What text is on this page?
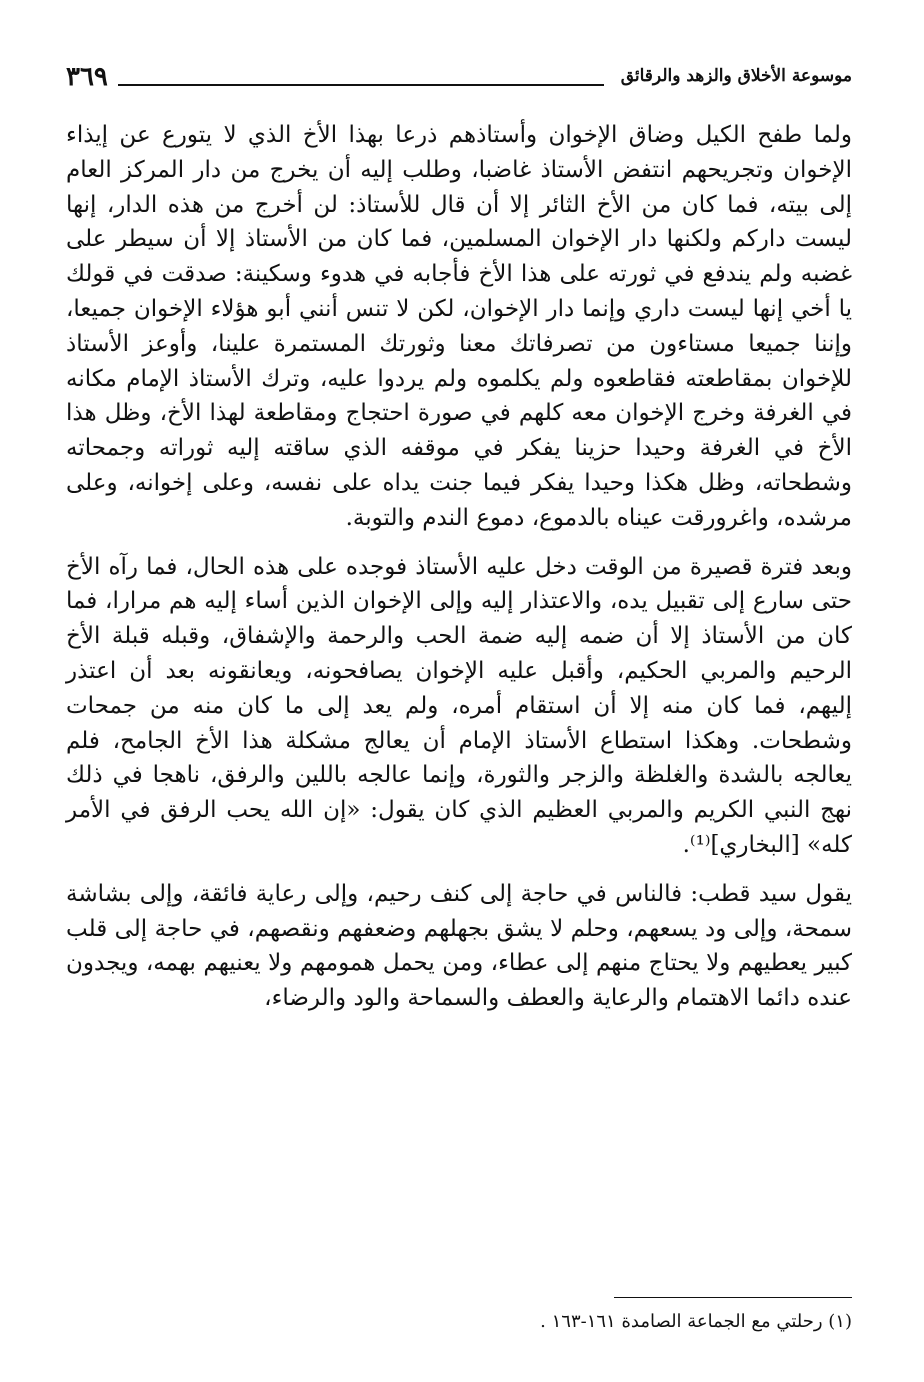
موسوعة الأخلاق والزهد والرقائق
٣٦٩

ولما طفح الكيل وضاق الإخوان وأستاذهم ذرعا بهذا الأخ الذي لا يتورع عن إيذاء الإخوان وتجريحهم انتفض الأستاذ غاضبا، وطلب إليه أن يخرج من دار المركز العام إلى بيته، فما كان من الأخ الثائر إلا أن قال للأستاذ: لن أخرج من هذه الدار، إنها ليست داركم ولكنها دار الإخوان المسلمين، فما كان من الأستاذ إلا أن سيطر على غضبه ولم يندفع في ثورته على هذا الأخ فأجابه في هدوء وسكينة: صدقت في قولك يا أخي إنها ليست داري وإنما دار الإخوان، لكن لا تنس أنني أبو هؤلاء الإخوان جميعا، وإننا جميعا مستاءون من تصرفاتك معنا وثورتك المستمرة علينا، وأوعز الأستاذ للإخوان بمقاطعته فقاطعوه ولم يكلموه ولم يردوا عليه، وترك الأستاذ الإمام مكانه في الغرفة وخرج الإخوان معه كلهم في صورة احتجاج ومقاطعة لهذا الأخ، وظل هذا الأخ في الغرفة وحيدا حزينا يفكر في موقفه الذي ساقته إليه ثوراته وجمحاته وشطحاته، وظل هكذا وحيدا يفكر فيما جنت يداه على نفسه، وعلى إخوانه، وعلى مرشده، واغرورقت عيناه بالدموع، دموع الندم والتوبة.

وبعد فترة قصيرة من الوقت دخل عليه الأستاذ فوجده على هذه الحال، فما رآه الأخ حتى سارع إلى تقبيل يده، والاعتذار إليه وإلى الإخوان الذين أساء إليه هم مرارا، فما كان من الأستاذ إلا أن ضمه إليه ضمة الحب والرحمة والإشفاق، وقبله قبلة الأخ الرحيم والمربي الحكيم، وأقبل عليه الإخوان يصافحونه، ويعانقونه بعد أن اعتذر إليهم، فما كان منه إلا أن استقام أمره، ولم يعد إلى ما كان منه من جمحات وشطحات. وهكذا استطاع الأستاذ الإمام أن يعالج مشكلة هذا الأخ الجامح، فلم يعالجه بالشدة والغلظة والزجر والثورة، وإنما عالجه باللين والرفق، ناهجا في ذلك نهج النبي الكريم والمربي العظيم الذي كان يقول: «إن الله يحب الرفق في الأمر كله» [البخاري]⁽¹⁾.

يقول سيد قطب: فالناس في حاجة إلى كنف رحيم، وإلى رعاية فائقة، وإلى بشاشة سمحة، وإلى ود يسعهم، وحلم لا يشق بجهلهم وضعفهم ونقصهم، في حاجة إلى قلب كبير يعطيهم ولا يحتاج منهم إلى عطاء، ومن يحمل همومهم ولا يعنيهم بهمه، ويجدون عنده دائما الاهتمام والرعاية والعطف والسماحة والود والرضاء،

(١) رحلتي مع الجماعة الصامدة ١٦١-١٦٣ .
